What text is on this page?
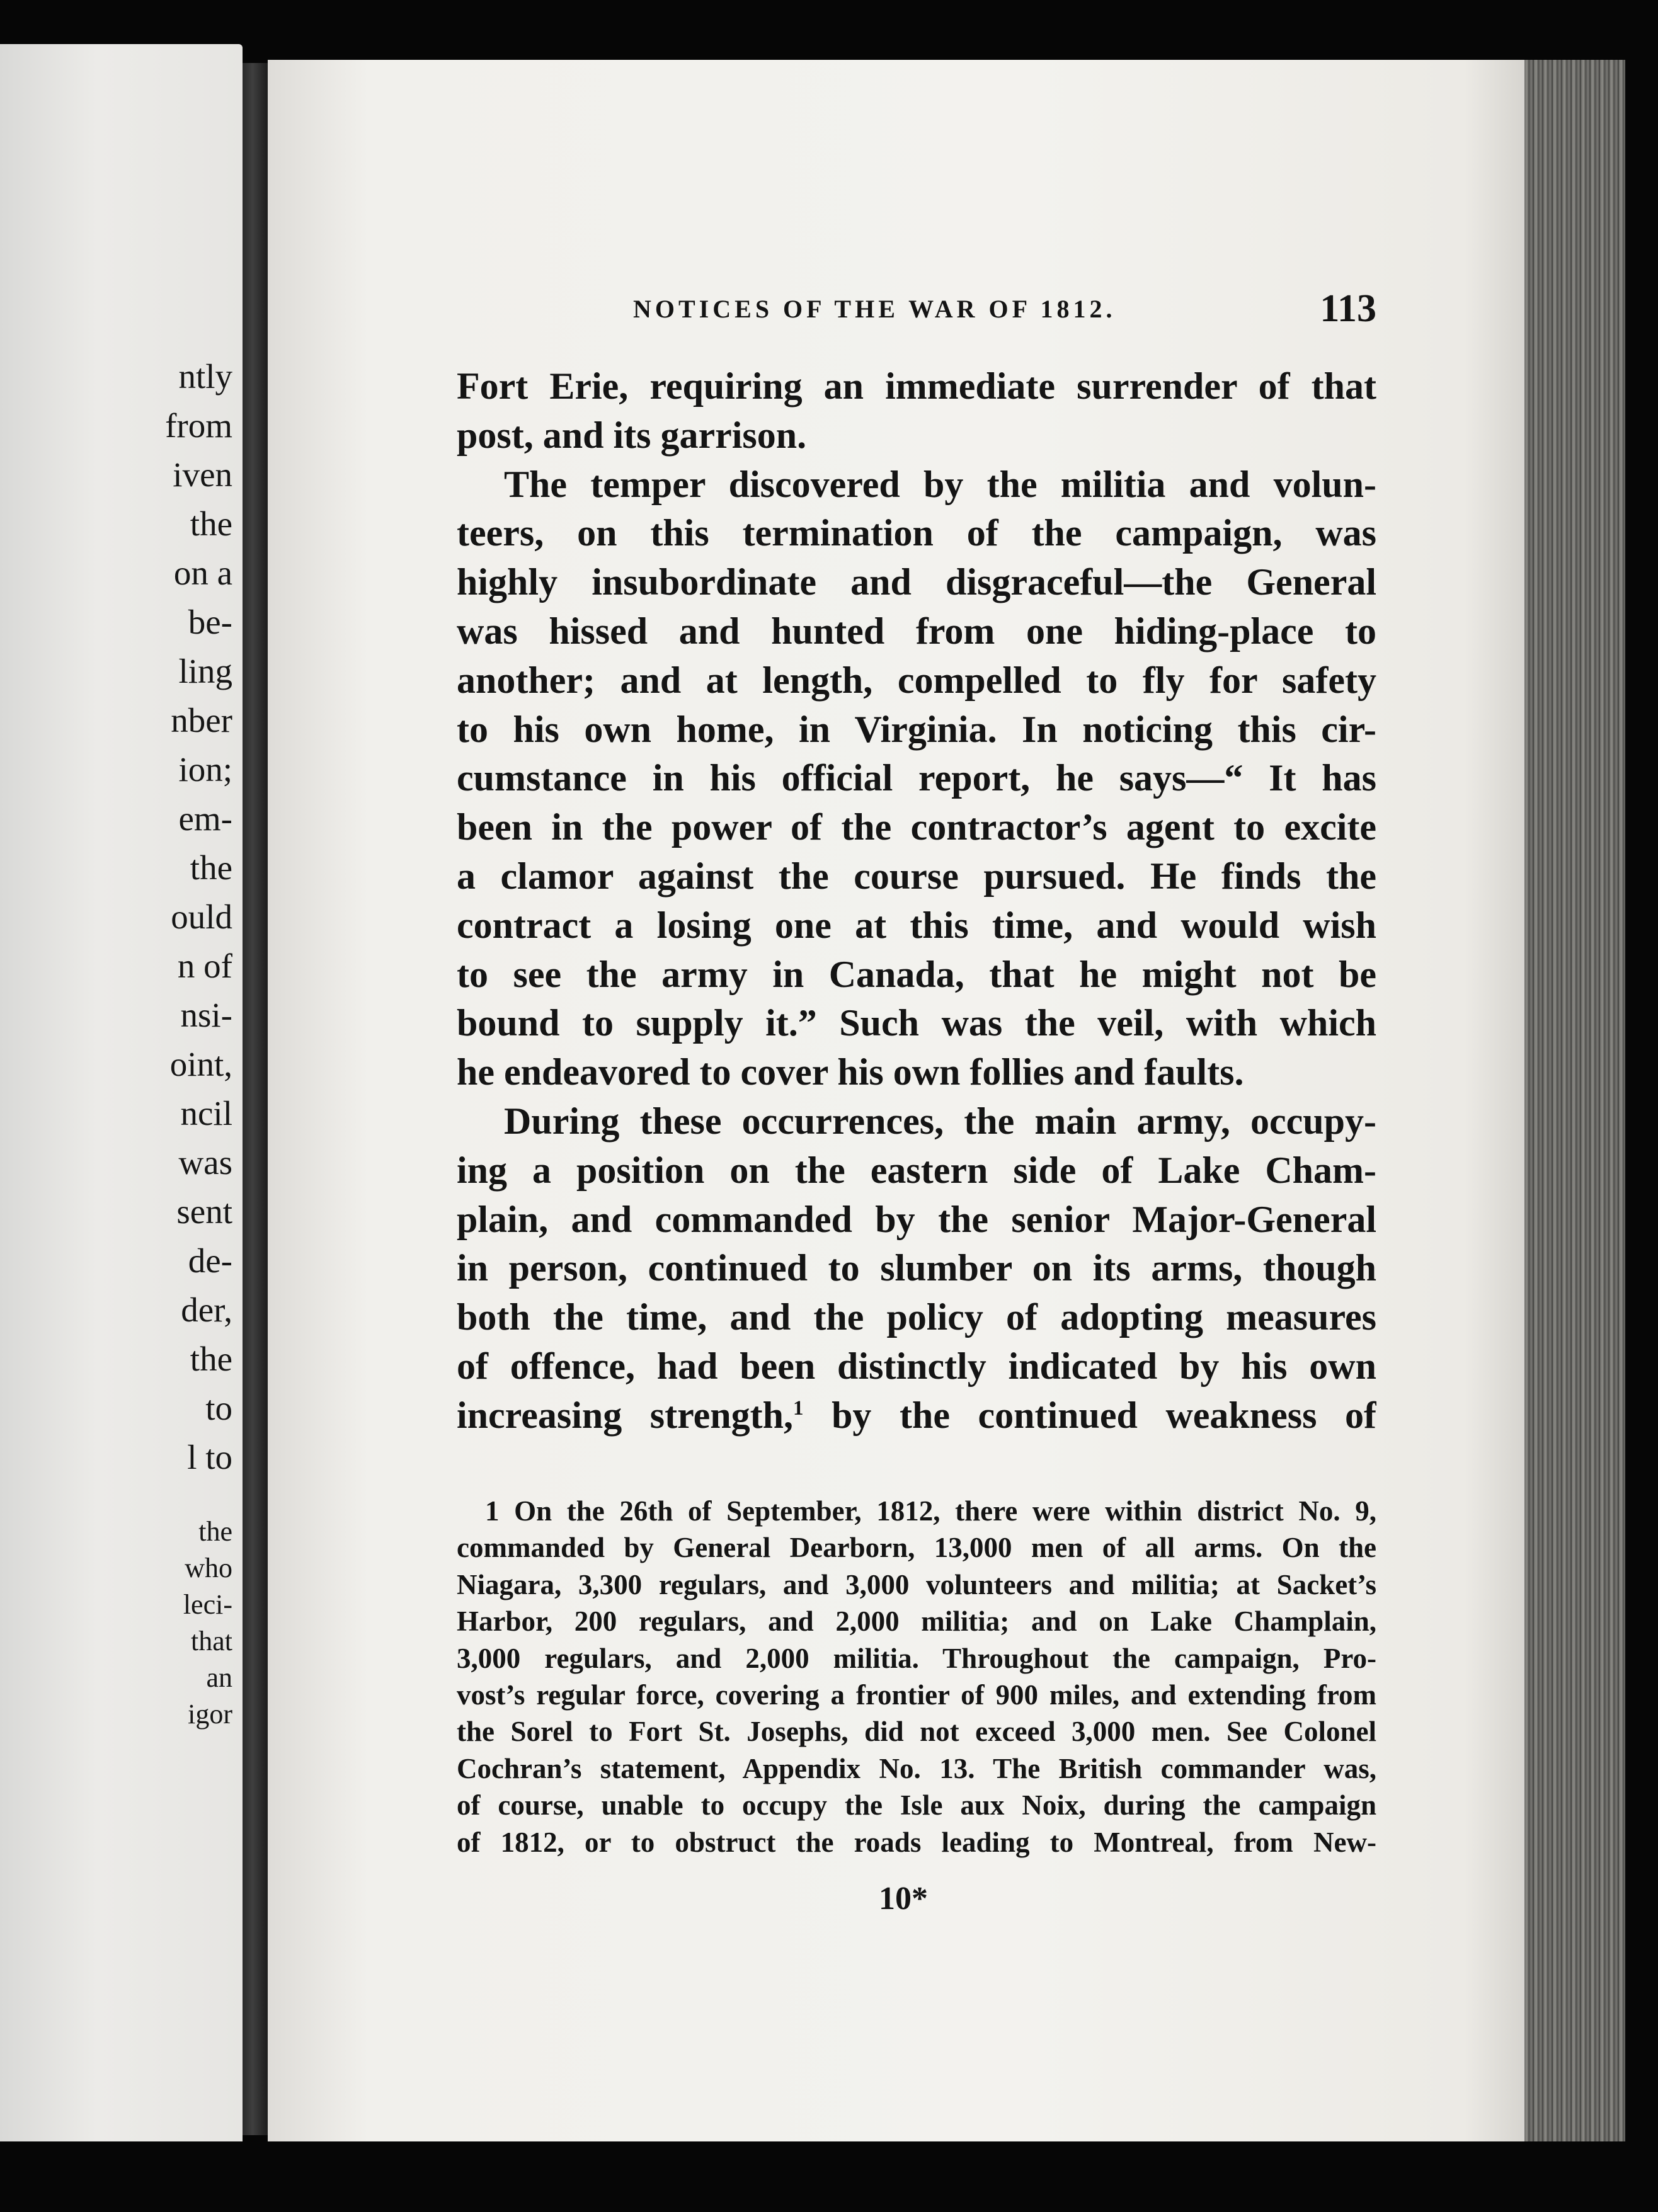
ntly
from
iven
the
on a
be-
ling
nber
ion;
em-
the
ould
n of
nsi-
oint,
ncil
was
sent
de-
der,
the
to
l to
the
who
leci-
that
an
igor
NOTICES OF THE WAR OF 1812.	113
Fort Erie, requiring an immediate surrender of that
post, and its garrison.
The temper discovered by the militia and volun-
teers, on this termination of the campaign, was
highly insubordinate and disgraceful—the General
was hissed and hunted from one hiding-place to
another; and at length, compelled to fly for safety
to his own home, in Virginia. In noticing this cir-
cumstance in his official report, he says—“ It has
been in the power of the contractor’s agent to excite
a clamor against the course pursued. He finds the
contract a losing one at this time, and would wish
to see the army in Canada, that he might not be
bound to supply it.” Such was the veil, with which
he endeavored to cover his own follies and faults.
During these occurrences, the main army, occupy-
ing a position on the eastern side of Lake Cham-
plain, and commanded by the senior Major-General
in person, continued to slumber on its arms, though
both the time, and the policy of adopting measures
of offence, had been distinctly indicated by his own
increasing strength,$^1$ by the continued weakness of
1 On the 26th of September, 1812, there were within district No. 9,
commanded by General Dearborn, 13,000 men of all arms. On the
Niagara, 3,300 regulars, and 3,000 volunteers and militia; at Sacket’s
Harbor, 200 regulars, and 2,000 militia; and on Lake Champlain,
3,000 regulars, and 2,000 militia. Throughout the campaign, Pro-
vost’s regular force, covering a frontier of 900 miles, and extending from
the Sorel to Fort St. Josephs, did not exceed 3,000 men. See Colonel
Cochran’s statement, Appendix No. 13. The British commander was,
of course, unable to occupy the Isle aux Noix, during the campaign
of 1812, or to obstruct the roads leading to Montreal, from New-
10*
